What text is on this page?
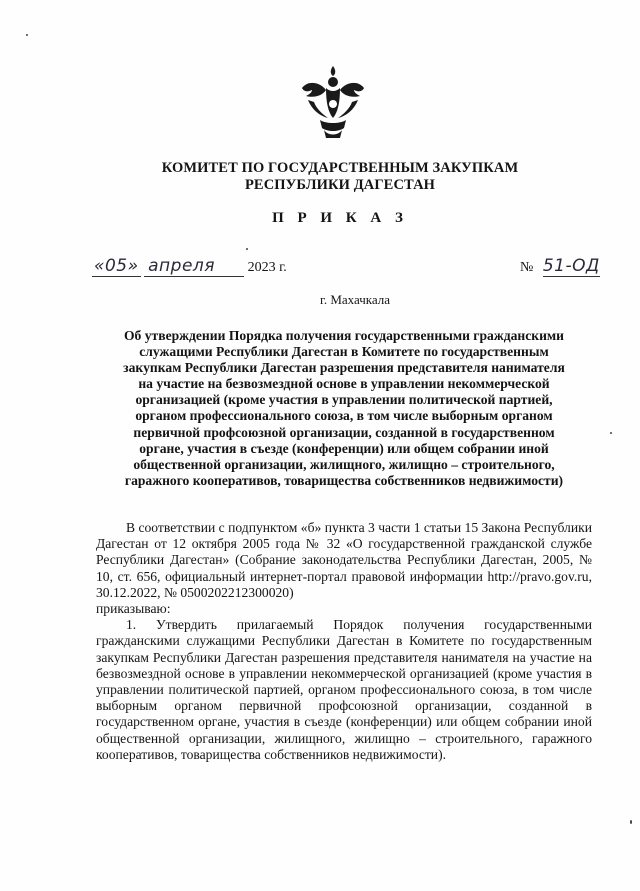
КОМИТЕТ ПО ГОСУДАРСТВЕННЫМ ЗАКУПКАМ
РЕСПУБЛИКИ ДАГЕСТАН
П Р И К А З
«05» апреля 2023 г.	№ 51-ОД
г. Махачкала
Об утверждении Порядка получения государственными гражданскими
служащими Республики Дагестан в Комитете по государственным
закупкам Республики Дагестан разрешения представителя нанимателя
на участие на безвозмездной основе в управлении некоммерческой
организацией (кроме участия в управлении политической партией,
органом профессионального союза, в том числе выборным органом
первичной профсоюзной организации, созданной в государственном
органе, участия в съезде (конференции) или общем собрании иной
общественной организации, жилищного, жилищно – строительного,
гаражного кооперативов, товарищества собственников недвижимости)

В соответствии с подпунктом «б» пункта 3 части 1 статьи 15 Закона Республики Дагестан от 12 октября 2005 года № 32 «О государственной гражданской службе Республики Дагестан» (Собрание законодательства Республики Дагестан, 2005, № 10, ст. 656, официальный интернет-портал правовой информации http://pravo.gov.ru, 30.12.2022, № 0500202212300020)

приказываю:

1. Утвердить прилагаемый Порядок получения государственными гражданскими служащими Республики Дагестан в Комитете по государственным закупкам Республики Дагестан разрешения представителя нанимателя на участие на безвозмездной основе в управлении некоммерческой организацией (кроме участия в управлении политической партией, органом профессионального союза, в том числе выборным органом первичной профсоюзной организации, созданной в государственном органе, участия в съезде (конференции) или общем собрании иной общественной организации, жилищного, жилищно – строительного, гаражного кооперативов, товарищества собственников недвижимости).
